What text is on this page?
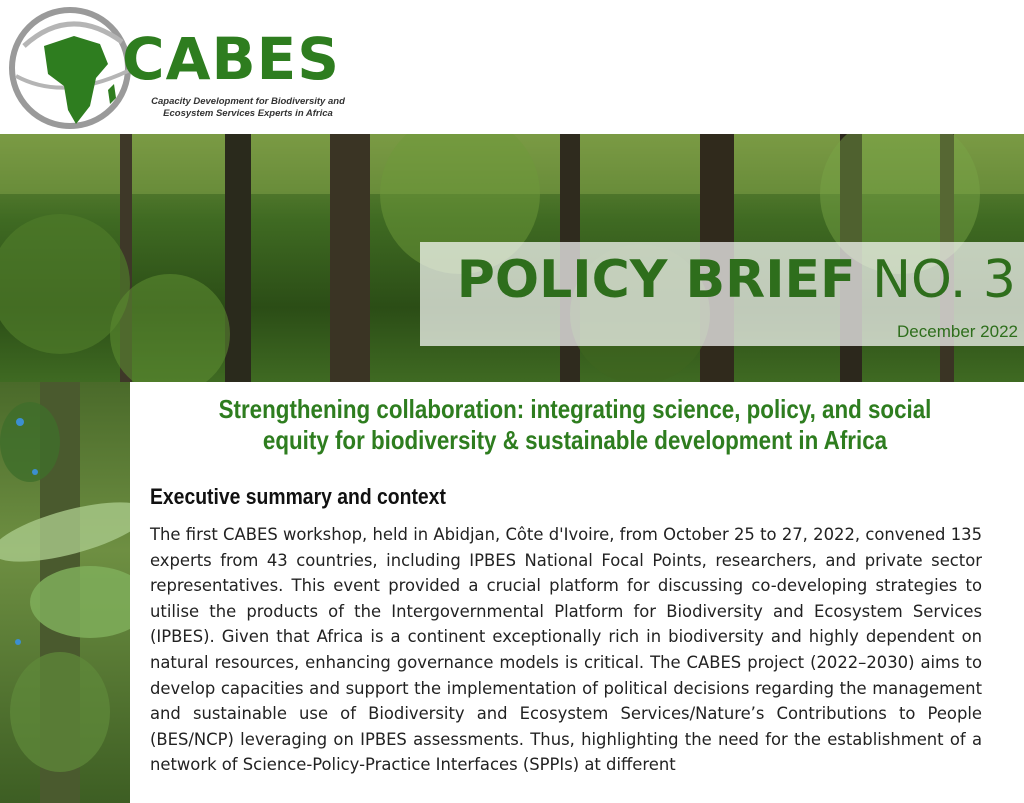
CABES
Capacity Development for Biodiversity and Ecosystem Services Experts in Africa
POLICY BRIEF NO. 3
December 2022
Strengthening collaboration: integrating science, policy, and social equity for biodiversity & sustainable development in Africa
Executive summary and context
The first CABES workshop, held in Abidjan, Côte d'Ivoire, from October 25 to 27, 2022, convened 135 experts from 43 countries, including IPBES National Focal Points, researchers, and private sector representatives. This event provided a crucial platform for discussing co-developing strategies to utilise the products of the Intergovernmental Platform for Biodiversity and Ecosystem Services (IPBES). Given that Africa is a continent exceptionally rich in biodiversity and highly dependent on natural resources, enhancing governance models is critical. The CABES project (2022–2030) aims to develop capacities and support the implementation of political decisions regarding the management and sustainable use of Biodiversity and Ecosystem Services/Nature’s Contributions to People (BES/NCP) leveraging on IPBES assessments. Thus, highlighting the need for the establishment of a network of Science-Policy-Practice Interfaces (SPPIs) at different
